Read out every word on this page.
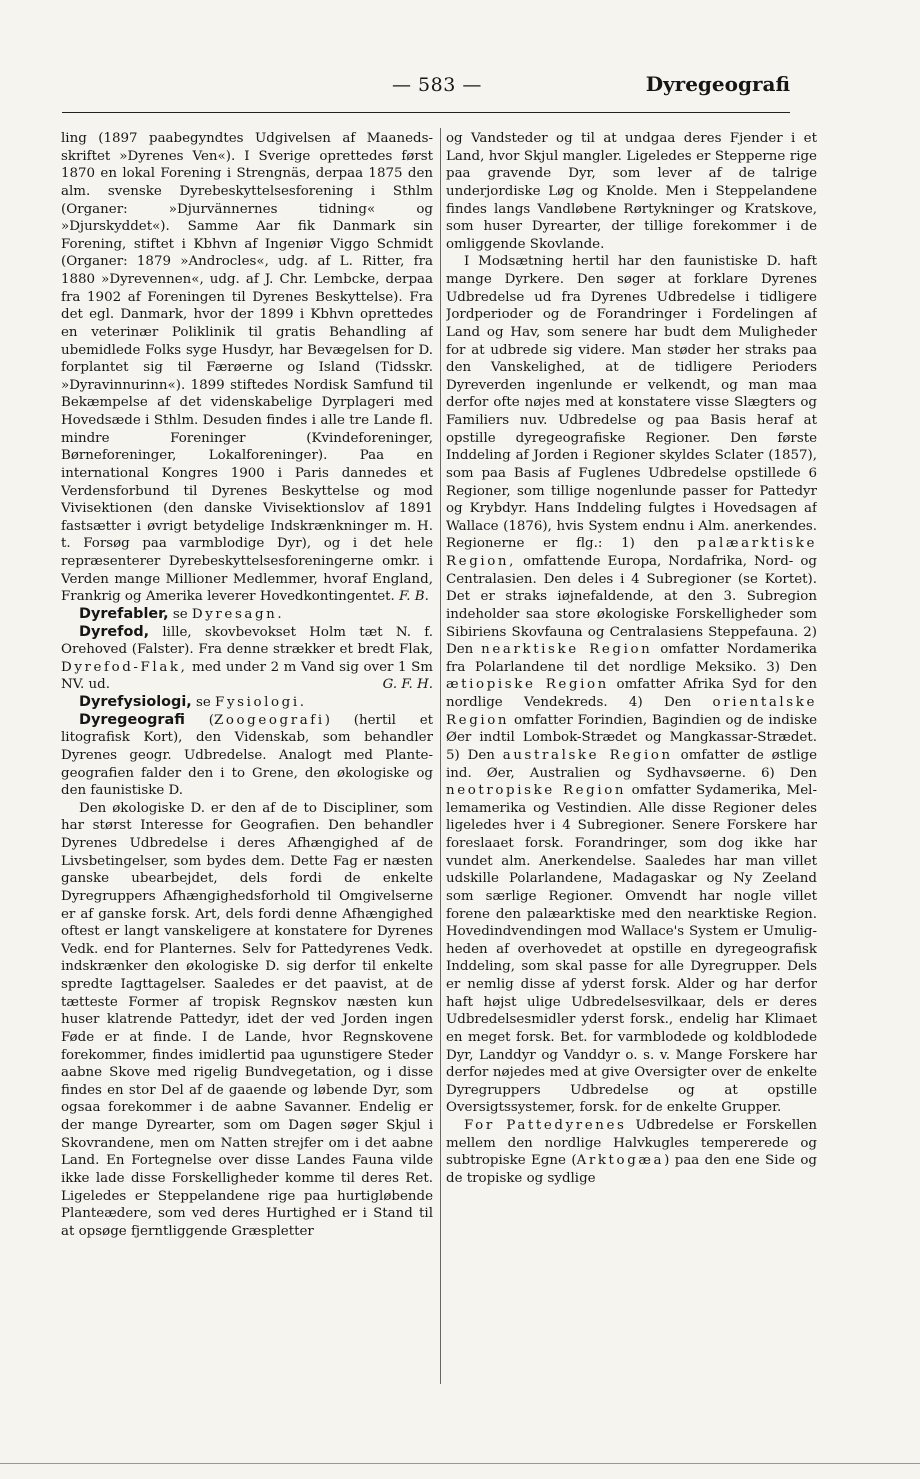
— 583 —	Dyregeografi

ling (1897 paabegyndtes Udgivelsen af Maanedsskriftet »Dyrenes Ven«). I Sverige oprettedes først 1870 en lokal Forening i Strengnäs, derpaa 1875 den alm. svenske Dyrebeskyttelsesforening i Sthlm (Organer: »Djurvännernes tidning« og »Djurskyddet«). Samme Aar fik Danmark sin Forening, stiftet i Kbhvn af Ingeniør Viggo Schmidt (Organer: 1879 »Androcles«, udg. af L. Ritter, fra 1880 »Dyrevennen«, udg. af J. Chr. Lembcke, derpaa fra 1902 af Foreningen til Dyrenes Beskyttelse). Fra det egl. Danmark, hvor der 1899 i Kbhvn oprettedes en veterinær Poliklinik til gratis Behandling af ubemidlede Folks syge Husdyr, har Bevægelsen for D. forplantet sig til Færøerne og Island (Tidsskr. »Dyravinnurinn«). 1899 stiftedes Nordisk Samfund til Bekæmpelse af det videnskabelige Dyrplageri med Hovedsæde i Sthlm. Desuden findes i alle tre Lande fl. mindre Foreninger (Kvindeforeninger, Børneforeninger, Lokalforeninger). Paa en international Kongres 1900 i Paris dannedes et Verdensforbund til Dyrenes Beskyttelse og mod Vivisektionen (den danske Vivisektionslov af 1891 fastsætter i øvrigt betydelige Indskrænkninger m. H. t. Forsøg paa varmblodige Dyr), og i det hele repræsenterer Dyrebeskyttelsesforeningerne omkr. i Verden mange Millioner Medlemmer, hvoraf England, Frankrig og Amerika leverer Hovedkontingentet. F. B.

Dyrefabler, se Dyresagn.

Dyrefod, lille, skovbevokset Holm tæt N. f. Orehoved (Falster). Fra denne strækker et bredt Flak, Dyrefod-Flak, med under 2 m Vand sig over 1 Sm NV. ud.	G. F. H.

Dyrefysiologi, se Fysiologi.

Dyregeografi (Zoogeografi) (hertil et litografisk Kort), den Videnskab, som behandler Dyrenes geogr. Udbredelse. Analogt med Plantegeografien falder den i to Grene, den økologiske og den faunistiske D.

Den økologiske D. er den af de to Discipliner, som har størst Interesse for Geografien. Den behandler Dyrenes Udbredelse i deres Afhængighed af de Livsbetingelser, som bydes dem. Dette Fag er næsten ganske ubearbejdet, dels fordi de enkelte Dyregruppers Afhængighedsforhold til Omgivelserne er af ganske forsk. Art, dels fordi denne Afhængighed oftest er langt vanskeligere at konstatere for Dyrenes Vedk. end for Planternes. Selv for Pattedyrenes Vedk. indskrænker den økologiske D. sig derfor til enkelte spredte Iagttagelser. Saaledes er det paavist, at de tætteste Former af tropisk Regnskov næsten kun huser klatrende Pattedyr, idet der ved Jorden ingen Føde er at finde. I de Lande, hvor Regnskovene forekommer, findes imidlertid paa ugunstigere Steder aabne Skove med rigelig Bundvegetation, og i disse findes en stor Del af de gaaende og løbende Dyr, som ogsaa forekommer i de aabne Savanner. Endelig er der mange Dyrearter, som om Dagen søger Skjul i Skovrandene, men om Natten strejfer om i det aabne Land. En Fortegnelse over disse Landes Fauna vilde ikke lade disse Forskelligheder komme til deres Ret. Ligeledes er Steppelandene rige paa hurtigløbende Planteædere, som ved deres Hurtighed er i Stand til at opsøge fjerntliggende Græspletter

og Vandsteder og til at undgaa deres Fjender i et Land, hvor Skjul mangler. Ligeledes er Stepperne rige paa gravende Dyr, som lever af de talrige underjordiske Løg og Knolde. Men i Steppelandene findes langs Vandløbene Rørtykninger og Kratskove, som huser Dyrearter, der tillige forekommer i de omliggende Skovlande.

I Modsætning hertil har den faunistiske D. haft mange Dyrkere. Den søger at forklare Dyrenes Udbredelse ud fra Dyrenes Udbredelse i tidligere Jordperioder og de Forandringer i Fordelingen af Land og Hav, som senere har budt dem Muligheder for at udbrede sig videre. Man støder her straks paa den Vanskelighed, at de tidligere Perioders Dyreverden ingenlunde er velkendt, og man maa derfor ofte nøjes med at konstatere visse Slægters og Familiers nuv. Udbredelse og paa Basis heraf at opstille dyregeografiske Regioner. Den første Inddeling af Jorden i Regioner skyldes Sclater (1857), som paa Basis af Fuglenes Udbredelse opstillede 6 Regioner, som tillige nogenlunde passer for Pattedyr og Krybdyr. Hans Inddeling fulgtes i Hovedsagen af Wallace (1876), hvis System endnu i Alm. anerkendes. Regionerne er flg.: 1) den palæarktiske Region, omfattende Europa, Nordafrika, Nord- og Centralasien. Den deles i 4 Subregioner (se Kortet). Det er straks iøjnefaldende, at den 3. Subregion indeholder saa store økologiske Forskelligheder som Sibiriens Skovfauna og Centralasiens Steppefauna. 2) Den nearktiske Region omfatter Nordamerika fra Polarlandene til det nordlige Meksiko. 3) Den ætiopiske Region omfatter Afrika Syd for den nordlige Vendekreds. 4) Den orientalske Region omfatter Forindien, Bagindien og de indiske Øer indtil Lombok-Strædet og Mangkassar-Strædet. 5) Den australske Region omfatter de østlige ind. Øer, Australien og Sydhavsøerne. 6) Den neotropiske Region omfatter Sydamerika, Mellemamerika og Vestindien. Alle disse Regioner deles ligeledes hver i 4 Subregioner. Senere Forskere har foreslaaet forsk. Forandringer, som dog ikke har vundet alm. Anerkendelse. Saaledes har man villet udskille Polarlandene, Madagaskar og Ny Zeeland som særlige Regioner. Omvendt har nogle villet forene den palæarktiske med den nearktiske Region. Hovedindvendingen mod Wallace's System er Umuligheden af overhovedet at opstille en dyregeografisk Inddeling, som skal passe for alle Dyregrupper. Dels er nemlig disse af yderst forsk. Alder og har derfor haft højst ulige Udbredelsesvilkaar, dels er deres Udbredelsesmidler yderst forsk., endelig har Klimaet en meget forsk. Bet. for varmblodede og koldblodede Dyr, Landdyr og Vanddyr o. s. v. Mange Forskere har derfor nøjedes med at give Oversigter over de enkelte Dyregruppers Udbredelse og at opstille Oversigtssystemer, forsk. for de enkelte Grupper.

For Pattedyrenes Udbredelse er Forskellen mellem den nordlige Halvkugles tempererede og subtropiske Egne (Arktogæa) paa den ene Side og de tropiske og sydlige
